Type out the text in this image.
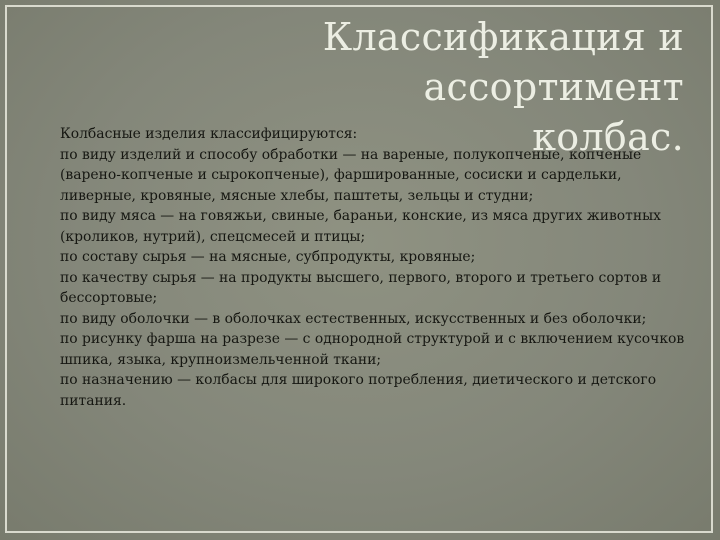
Классификация и ассортимент
колбас.

Колбасные изделия классифицируются:

по виду изделий и способу обработки — на вареные, полукопченые, копченые (варено-копченые и сырокопченые), фаршированные, сосиски и сардельки, ливерные, кровяные, мясные хлебы, паштеты, зельцы и студни;
по виду мяса — на говяжьи, свиные, бараньи, конские, из мяса других животных (кроликов, нутрий), спецсмесей и птицы;
по составу сырья — на мясные, субпродукты, кровяные;
по качеству сырья — на продукты высшего, первого, второго и третьего сортов и бессортовые;
по виду оболочки — в оболочках естественных, искусственных и без оболочки;
по рисунку фарша на разрезе — с однородной структурой и с включением кусочков шпика, языка, крупноизмельченной ткани;
по назначению — колбасы для широкого потребления, диетического и детского питания.
